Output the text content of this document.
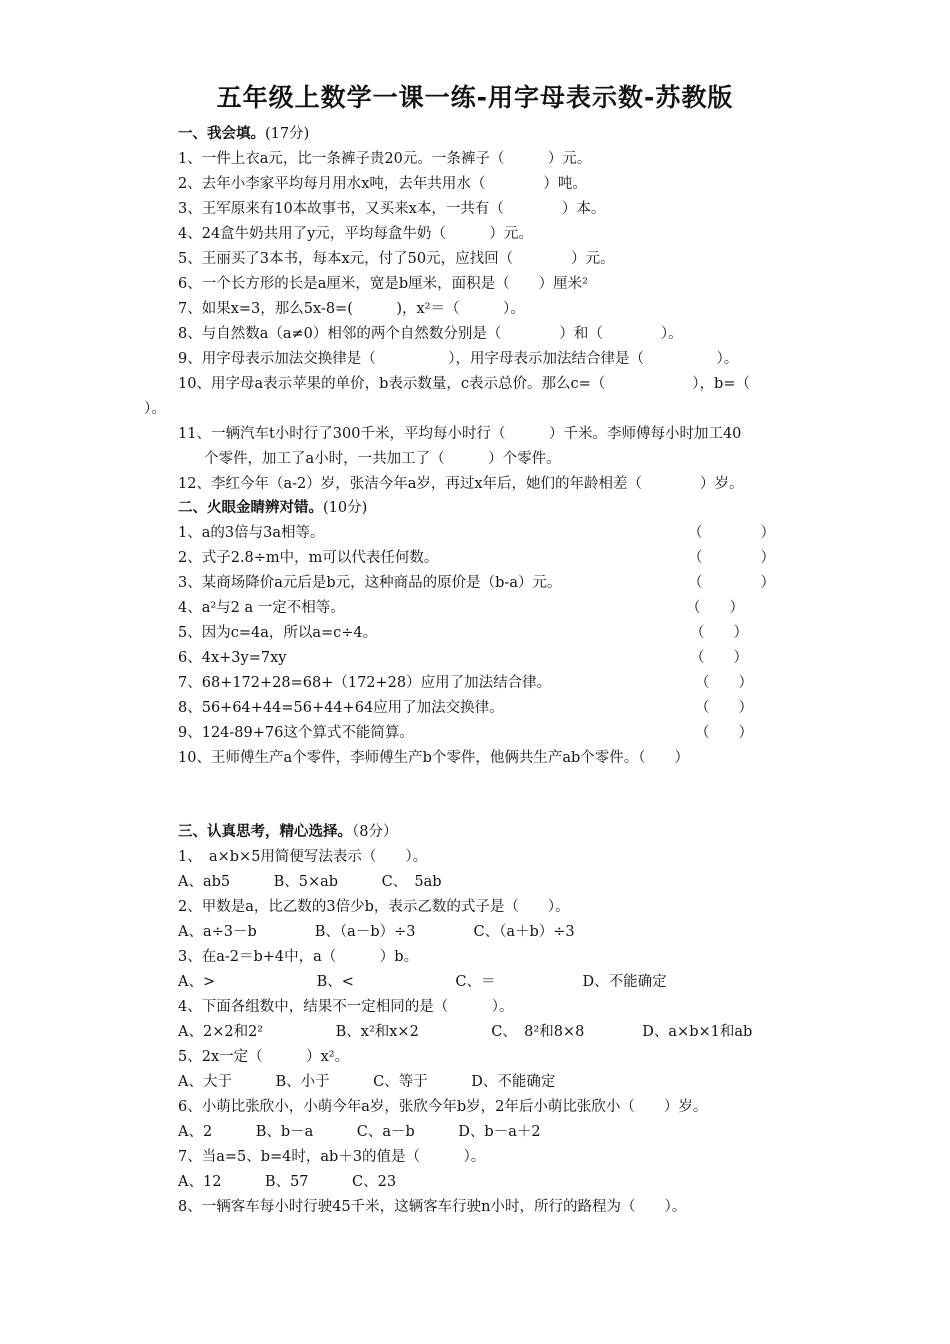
五年级上数学一课一练-用字母表示数-苏教版
一、我会填。(17分)
1、一件上衣a元，比一条裤子贵20元。一条裤子（　　　）元。
2、去年小李家平均每月用水x吨，去年共用水（　　　　）吨。
3、王军原来有10本故事书，又买来x本，一共有（　　　　）本。
4、24盒牛奶共用了y元，平均每盒牛奶（　　　）元。
5、王丽买了3本书，每本x元，付了50元，应找回（　　　　）元。
6、一个长方形的长是a厘米，宽是b厘米，面积是（　　）厘米²
7、如果x=3，那么5x-8=(　　　)，x²＝（　　　）。
8、与自然数a（a≠0）相邻的两个自然数分别是（　　　　）和（　　　　）。
9、用字母表示加法交换律是（　　　　　），用字母表示加法结合律是（　　　　　）。
10、用字母a表示苹果的单价，b表示数量，c表示总价。那么c=（　　　　　　），b=（
）。
11、一辆汽车t小时行了300千米，平均每小时行（　　　）千米。李师傅每小时加工40
个零件，加工了a小时，一共加工了（　　　）个零件。
12、李红今年（a-2）岁，张洁今年a岁，再过x年后，她们的年龄相差（　　　　）岁。
二、火眼金睛辨对错。(10分)
1、a的3倍与3a相等。	（　　　　）
2、式子2.8÷m中，m可以代表任何数。	（　　　　）
3、某商场降价a元后是b元，这种商品的原价是（b-a）元。	（　　　　）
4、a²与2 a 一定不相等。	（　　）
5、因为c=4a，所以a=c÷4。	（　　）
6、4x+3y=7xy	（　　）
7、68+172+28=68+（172+28）应用了加法结合律。	（　　）
8、56+64+44=56+44+64应用了加法交换律。	（　　）
9、124-89+76这个算式不能简算。	（　　）
10、王师傅生产a个零件，李师傅生产b个零件，他俩共生产ab个零件。（　　）
三、认真思考，精心选择。（8分）
1、　a×b×5用简便写法表示（　　）。
A、ab5　　　B、5×ab　　　C、　5ab
2、甲数是a，比乙数的3倍少b，表示乙数的式子是（　　）。
A、a÷3－b　　　　B、（a－b）÷3　　　　C、（a＋b）÷3
3、在a-2＝b+4中，a（　　　）b。
A、>　　　　　　　B、<　　　　　　　C、＝　　　　　　D、不能确定
4、下面各组数中，结果不一定相同的是（　　　）。
A、2×2和2²　　　　　B、x²和x×2　　　　　C、　8²和8×8　　　　D、a×b×1和ab
5、2x一定（　　　）x²。
A、大于　　　B、小于　　　C、等于　　　D、不能确定
6、小萌比张欣小，小萌今年a岁，张欣今年b岁，2年后小萌比张欣小（　　）岁。
A、2　　　B、b－a　　　C、a－b　　　D、b－a＋2
7、当a=5、b=4时，ab＋3的值是（　　　）。
A、12　　　B、57　　　C、23
8、一辆客车每小时行驶45千米，这辆客车行驶n小时，所行的路程为（　　）。
